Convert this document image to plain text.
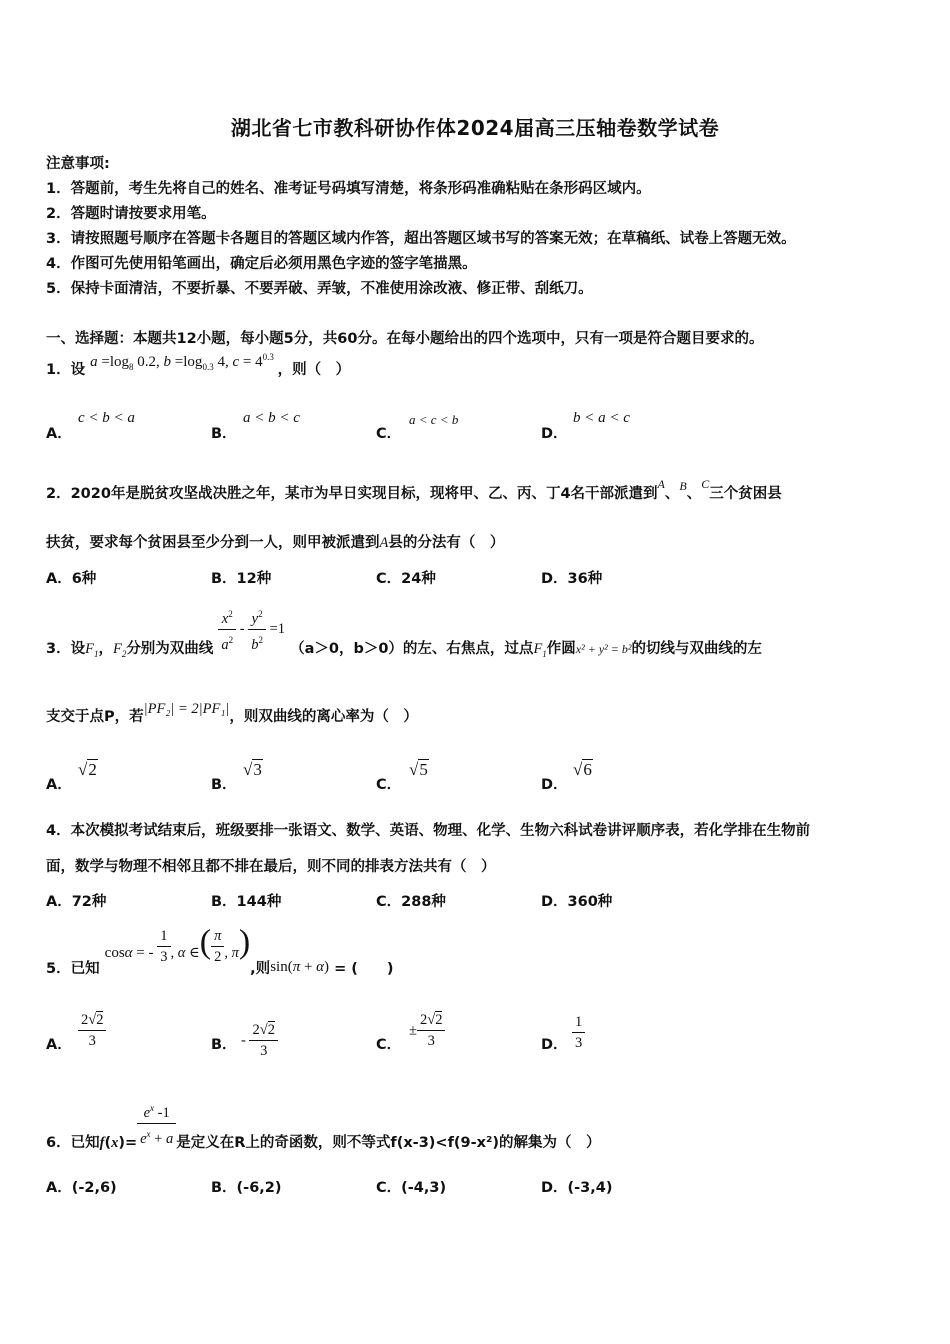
湖北省七市教科研协作体2024届高三压轴卷数学试卷
注意事项:
1．答题前，考生先将自己的姓名、准考证号码填写清楚，将条形码准确粘贴在条形码区域内。
2．答题时请按要求用笔。
3．请按照题号顺序在答题卡各题目的答题区域内作答，超出答题区域书写的答案无效；在草稿纸、试卷上答题无效。
4．作图可先使用铅笔画出，确定后必须用黑色字迹的签字笔描黑。
5．保持卡面清洁，不要折暴、不要弄破、弄皱，不准使用涂改液、修正带、刮纸刀。
一、选择题：本题共12小题，每小题5分，共60分。在每小题给出的四个选项中，只有一项是符合题目要求的。
1．设 $a =\log_8$ 0.2, $b =\log_{0.3}$ 4, $c = 4^{0.3}$ ，则（　）
A．
c < b < a
B．
a < b < c
C．
a < c < b
D．
b < a < c
2．2020年是脱贫攻坚战决胜之年，某市为早日实现目标，现将甲、乙、丙、丁4名干部派遣到$^A$、$^B$、$^C$三个贫困县
扶贫，要求每个贫困县至少分到一人，则甲被派遣到A县的分法有（　）
A．6种	B．12种	C．24种	D．36种
3．设$F_1$，$F_2$分别为双曲线 $\frac{x^2}{a^2} - \frac{y^2}{b^2} =1$ （a＞0，b＞0）的左、右焦点，过点$F_1$作圆$_{x^2 + y^2 = b^2}$的切线与双曲线的左
支交于点P，若|PF₂| = 2|PF₁|，则双曲线的离心率为（　）
A．
√2
B．
√3
C．
√5
D．
√6
4．本次模拟考试结束后，班级要排一张语文、数学、英语、物理、化学、生物六科试卷讲评顺序表，若化学排在生物前
面，数学与物理不相邻且都不排在最后，则不同的排表方法共有（　）
A．72种	B．144种	C．288种	D．360种
5．已知 cosα = - $\frac{1}{3}$ , α ∈( $\frac{\pi}{2}$ , π),则sin(π + α) = (　　)
A． $\frac{2√2}{3}$	B． - $\frac{2√2}{3}$	C．
± $\frac{2√2}{3}$	D． $\frac{1}{3}$
6．已知$f(x)= \frac{e^x -1}{e^x + a}$ 是定义在R上的奇函数，则不等式f(x-3)<f(9-x²)的解集为（　）
A．(-2,6)	B．(-6,2)	C．(-4,3)	D．(-3,4)
